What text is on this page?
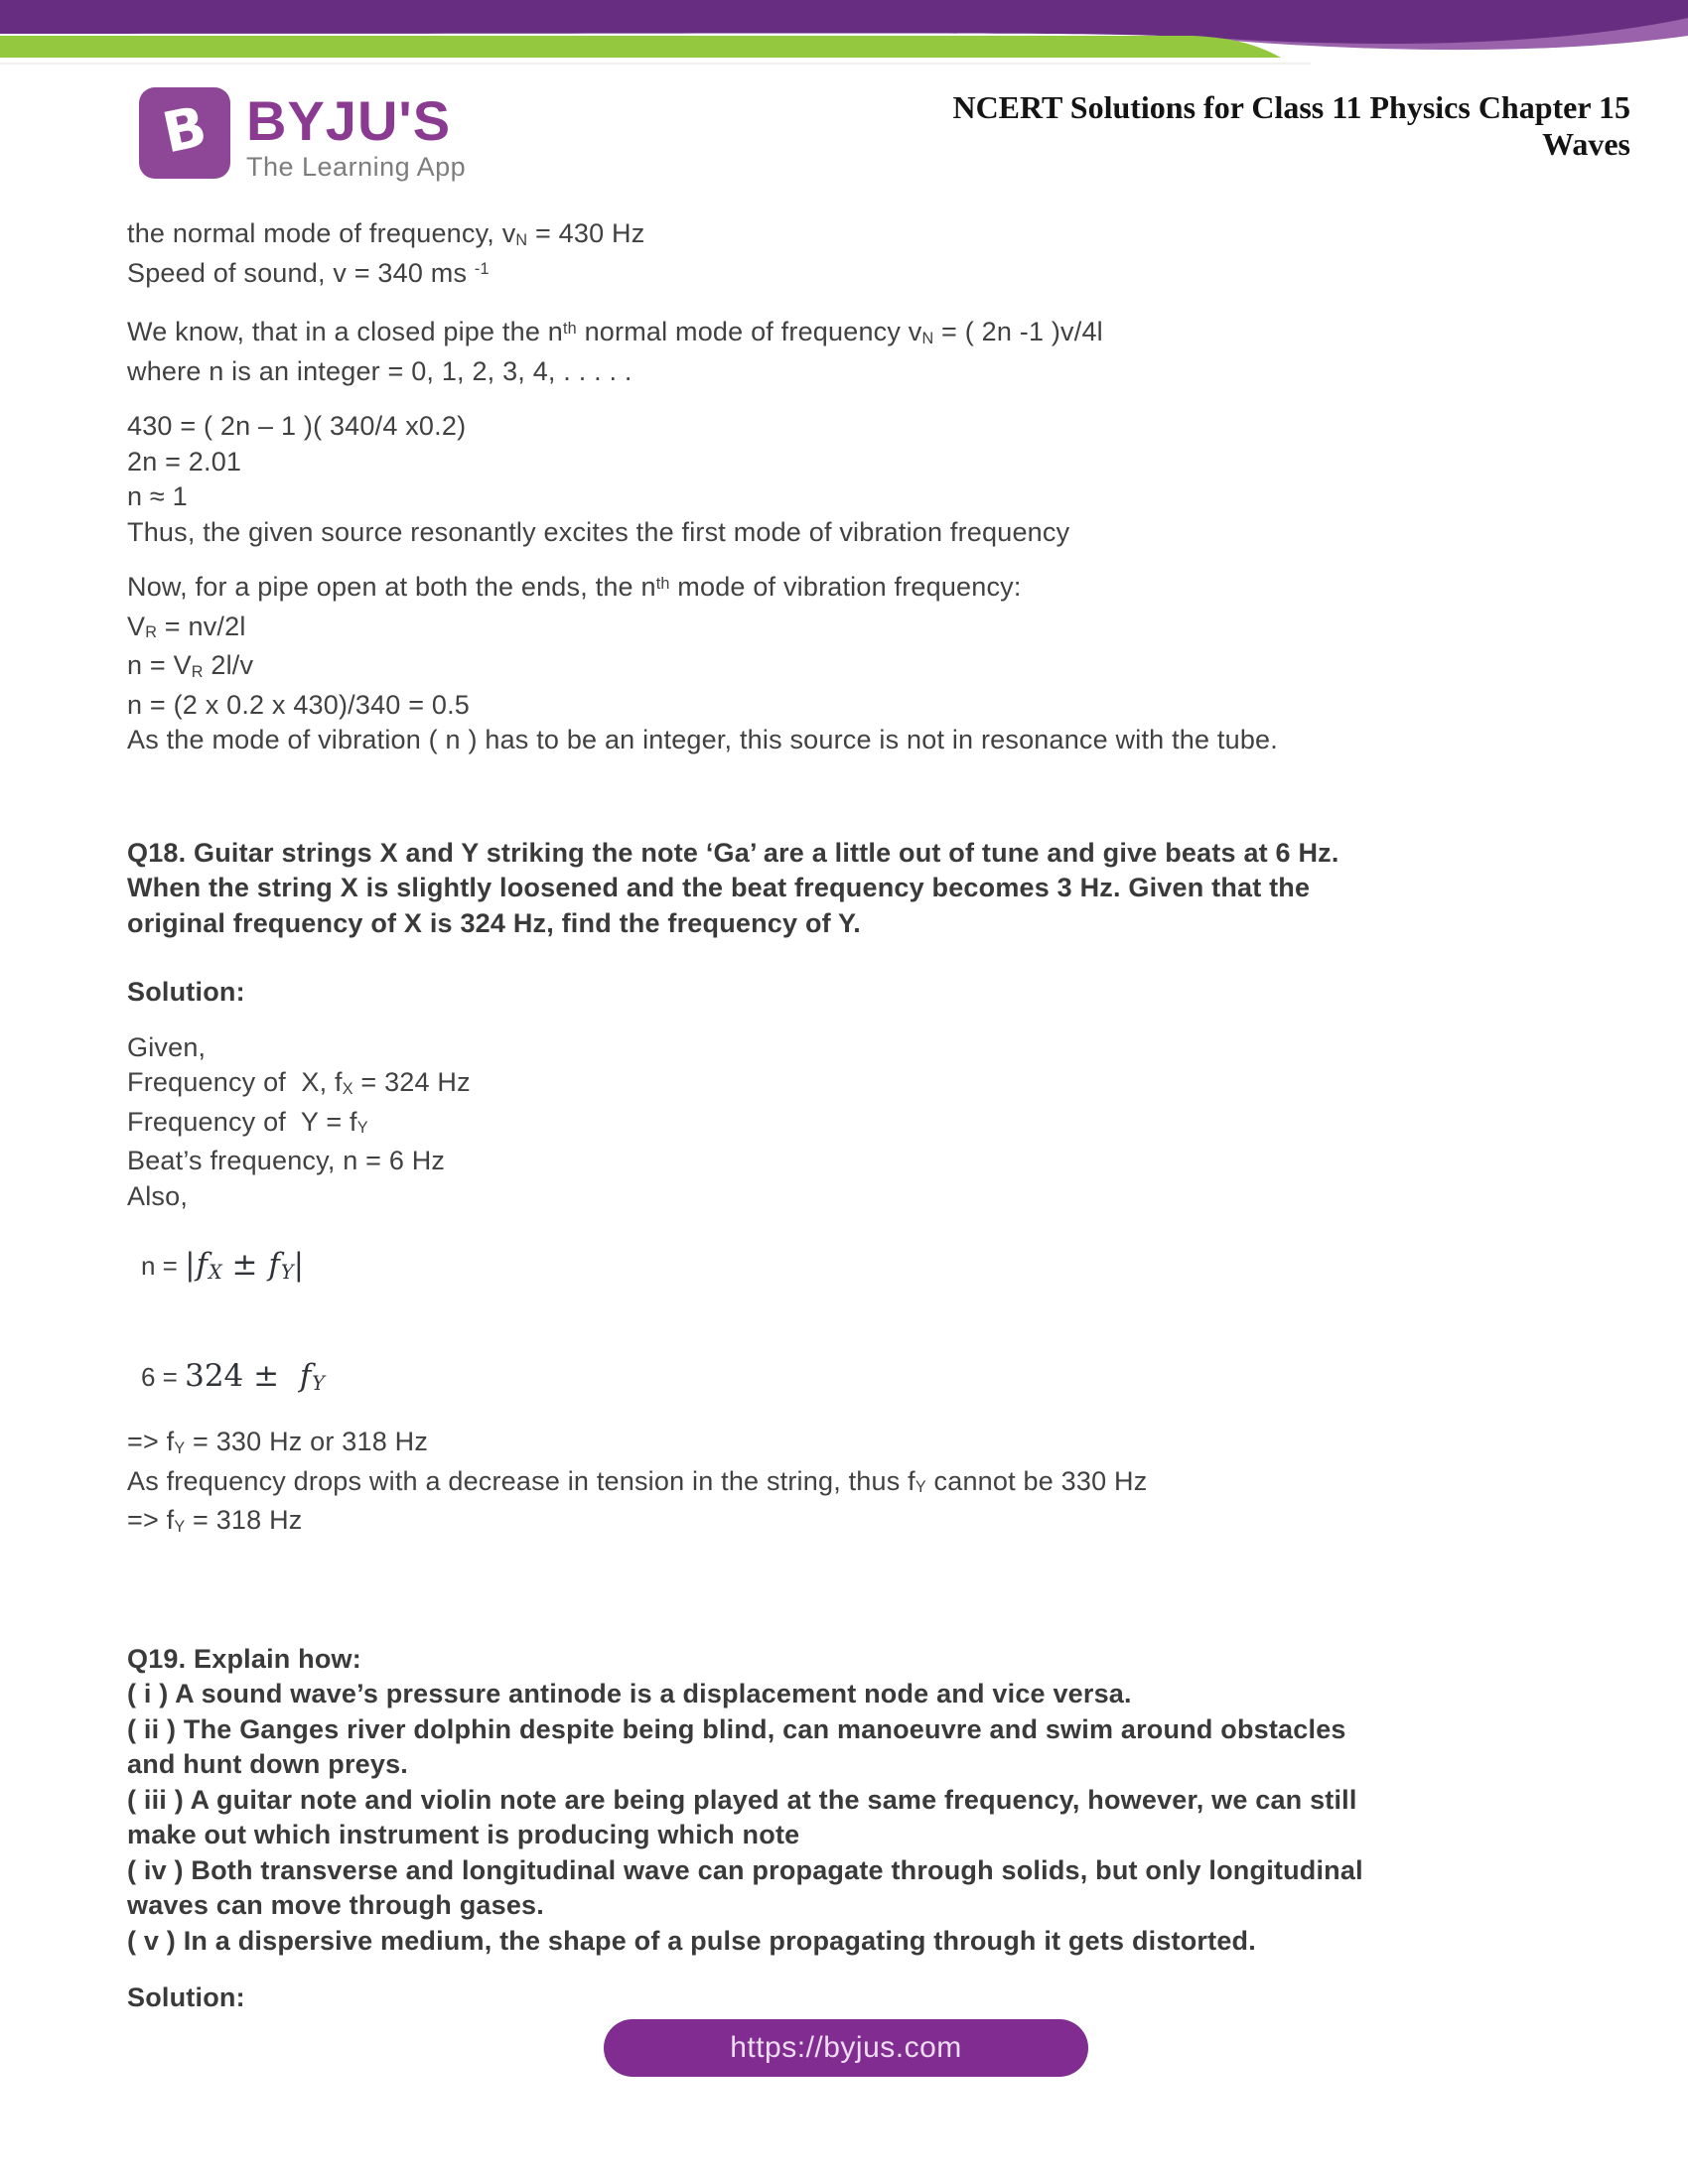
B BYJU'S
The Learning App
NCERT Solutions for Class 11 Physics Chapter 15
Waves
the normal mode of frequency, vN = 430 Hz
Speed of sound, v = 340 ms $^{-1}$
We know, that in a closed pipe the $n^{th}$ normal mode of frequency vN = ( 2n -1 )v/4l
where n is an integer = 0, 1, 2, 3, 4, . . . . .
430 = ( 2n – 1 )( 340/4 x0.2)
2n = 2.01
n ≈ 1
Thus, the given source resonantly excites the first mode of vibration frequency
Now, for a pipe open at both the ends, the $n^{th}$ mode of vibration frequency:
VR = nv/2l
n = VR 2l/v
n = (2 x 0.2 x 430)/340 = 0.5
As the mode of vibration ( n ) has to be an integer, this source is not in resonance with the tube.
Q18. Guitar strings X and Y striking the note ‘Ga’ are a little out of tune and give beats at 6 Hz.
When the string X is slightly loosened and the beat frequency becomes 3 Hz. Given that the
original frequency of X is 324 Hz, find the frequency of Y.
Solution:
Given,
Frequency of  X, fX = 324 Hz
Frequency of  Y = fY
Beat’s frequency, n = 6 Hz
Also,
n = |fX ± fY|
6 = 324 ±  fY
=> fY = 330 Hz or 318 Hz
As frequency drops with a decrease in tension in the string, thus fY cannot be 330 Hz
=> fY = 318 Hz
Q19. Explain how:
( i ) A sound wave’s pressure antinode is a displacement node and vice versa.
( ii ) The Ganges river dolphin despite being blind, can manoeuvre and swim around obstacles
and hunt down preys.
( iii ) A guitar note and violin note are being played at the same frequency, however, we can still
make out which instrument is producing which note
( iv ) Both transverse and longitudinal wave can propagate through solids, but only longitudinal
waves can move through gases.
( v ) In a dispersive medium, the shape of a pulse propagating through it gets distorted.
Solution:
https://byjus.com
